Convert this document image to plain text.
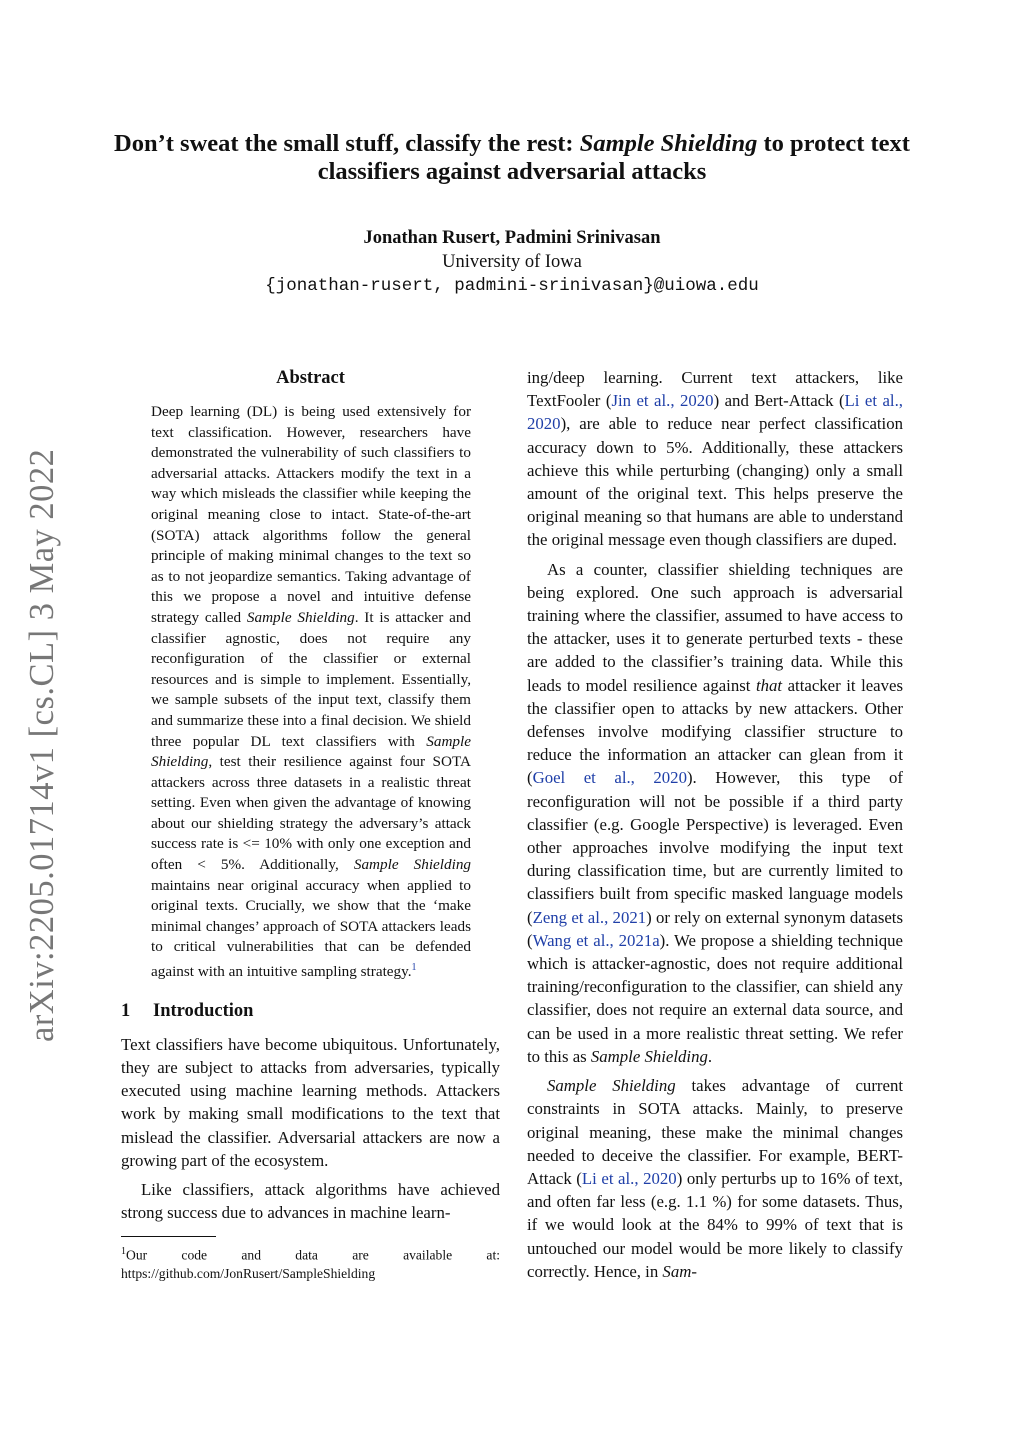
arXiv:2205.01714v1 [cs.CL] 3 May 2022
Don’t sweat the small stuff, classify the rest: Sample Shielding to protect text classifiers against adversarial attacks
Jonathan Rusert, Padmini Srinivasan
University of Iowa
{jonathan-rusert, padmini-srinivasan}@uiowa.edu
Abstract
Deep learning (DL) is being used extensively for text classification. However, researchers have demonstrated the vulnerability of such classifiers to adversarial attacks. Attackers modify the text in a way which misleads the classifier while keeping the original meaning close to intact. State-of-the-art (SOTA) attack algorithms follow the general principle of making minimal changes to the text so as to not jeopardize semantics. Taking advantage of this we propose a novel and intuitive defense strategy called Sample Shielding. It is attacker and classifier agnostic, does not require any reconfiguration of the classifier or external resources and is simple to implement. Essentially, we sample subsets of the input text, classify them and summarize these into a final decision. We shield three popular DL text classifiers with Sample Shielding, test their resilience against four SOTA attackers across three datasets in a realistic threat setting. Even when given the advantage of knowing about our shielding strategy the adversary’s attack success rate is <= 10% with only one exception and often < 5%. Additionally, Sample Shielding maintains near original accuracy when applied to original texts. Crucially, we show that the ‘make minimal changes’ approach of SOTA attackers leads to critical vulnerabilities that can be defended against with an intuitive sampling strategy.$^1$
1 Introduction

Text classifiers have become ubiquitous. Unfortunately, they are subject to attacks from adversaries, typically executed using machine learning methods. Attackers work by making small modifications to the text that mislead the classifier. Adversarial attackers are now a growing part of the ecosystem.

Like classifiers, attack algorithms have achieved strong success due to advances in machine learn-

$^1$Our code and data are available at: https://github.com/JonRusert/SampleShielding

ing/deep learning. Current text attackers, like TextFooler (Jin et al., 2020) and Bert-Attack (Li et al., 2020), are able to reduce near perfect classification accuracy down to 5%. Additionally, these attackers achieve this while perturbing (changing) only a small amount of the original text. This helps preserve the original meaning so that humans are able to understand the original message even though classifiers are duped.

As a counter, classifier shielding techniques are being explored. One such approach is adversarial training where the classifier, assumed to have access to the attacker, uses it to generate perturbed texts - these are added to the classifier’s training data. While this leads to model resilience against that attacker it leaves the classifier open to attacks by new attackers. Other defenses involve modifying classifier structure to reduce the information an attacker can glean from it (Goel et al., 2020). However, this type of reconfiguration will not be possible if a third party classifier (e.g. Google Perspective) is leveraged. Even other approaches involve modifying the input text during classification time, but are currently limited to classifiers built from specific masked language models (Zeng et al., 2021) or rely on external synonym datasets (Wang et al., 2021a). We propose a shielding technique which is attacker-agnostic, does not require additional training/reconfiguration to the classifier, can shield any classifier, does not require an external data source, and can be used in a more realistic threat setting. We refer to this as Sample Shielding.

Sample Shielding takes advantage of current constraints in SOTA attacks. Mainly, to preserve original meaning, these make the minimal changes needed to deceive the classifier. For example, BERT-Attack (Li et al., 2020) only perturbs up to 16% of text, and often far less (e.g. 1.1 %) for some datasets. Thus, if we would look at the 84% to 99% of text that is untouched our model would be more likely to classify correctly. Hence, in Sam-
